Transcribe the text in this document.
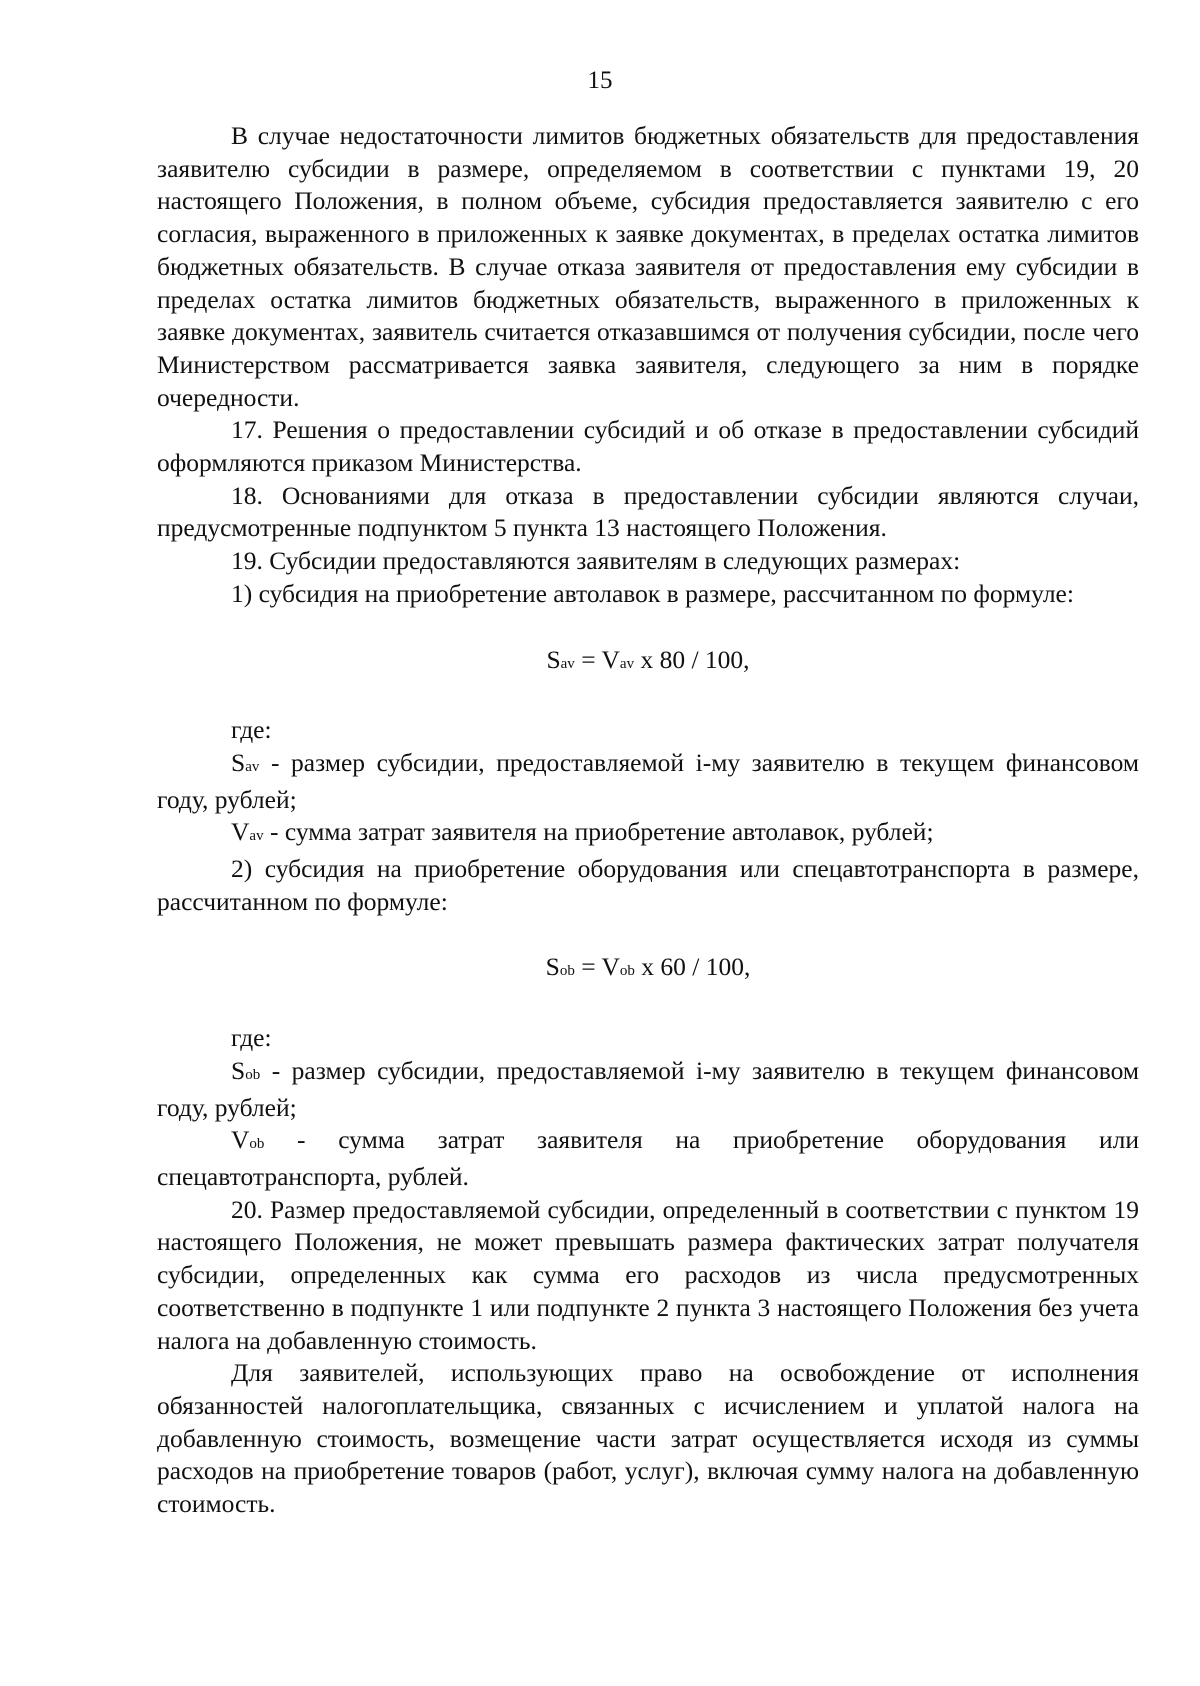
15

В случае недостаточности лимитов бюджетных обязательств для предоставления заявителю субсидии в размере, определяемом в соответствии с пунктами 19, 20 настоящего Положения, в полном объеме, субсидия предоставляется заявителю с его согласия, выраженного в приложенных к заявке документах, в пределах остатка лимитов бюджетных обязательств. В случае отказа заявителя от предоставления ему субсидии в пределах остатка лимитов бюджетных обязательств, выраженного в приложенных к заявке документах, заявитель считается отказавшимся от получения субсидии, после чего Министерством рассматривается заявка заявителя, следующего за ним в порядке очередности.

17. Решения о предоставлении субсидий и об отказе в предоставлении субсидий оформляются приказом Министерства.

18. Основаниями для отказа в предоставлении субсидии являются случаи, предусмотренные подпунктом 5 пункта 13 настоящего Положения.

19. Субсидии предоставляются заявителям в следующих размерах:

1) субсидия на приобретение автолавок в размере, рассчитанном по формуле:

Sav = Vav x 80 / 100,

где:

Sav - размер субсидии, предоставляемой i-му заявителю в текущем финансовом году, рублей;

Vav - сумма затрат заявителя на приобретение автолавок, рублей;

2) субсидия на приобретение оборудования или спецавтотранспорта в размере, рассчитанном по формуле:

Sob = Vob x 60 / 100,

где:

Sob - размер субсидии, предоставляемой i-му заявителю в текущем финансовом году, рублей;

Vob - сумма затрат заявителя на приобретение оборудования или спецавтотранспорта, рублей.

20. Размер предоставляемой субсидии, определенный в соответствии с пунктом 19 настоящего Положения, не может превышать размера фактических затрат получателя субсидии, определенных как сумма его расходов из числа предусмотренных соответственно в подпункте 1 или подпункте 2 пункта 3 настоящего Положения без учета налога на добавленную стоимость.

Для заявителей, использующих право на освобождение от исполнения обязанностей налогоплательщика, связанных с исчислением и уплатой налога на добавленную стоимость, возмещение части затрат осуществляется исходя из суммы расходов на приобретение товаров (работ, услуг), включая сумму налога на добавленную стоимость.
